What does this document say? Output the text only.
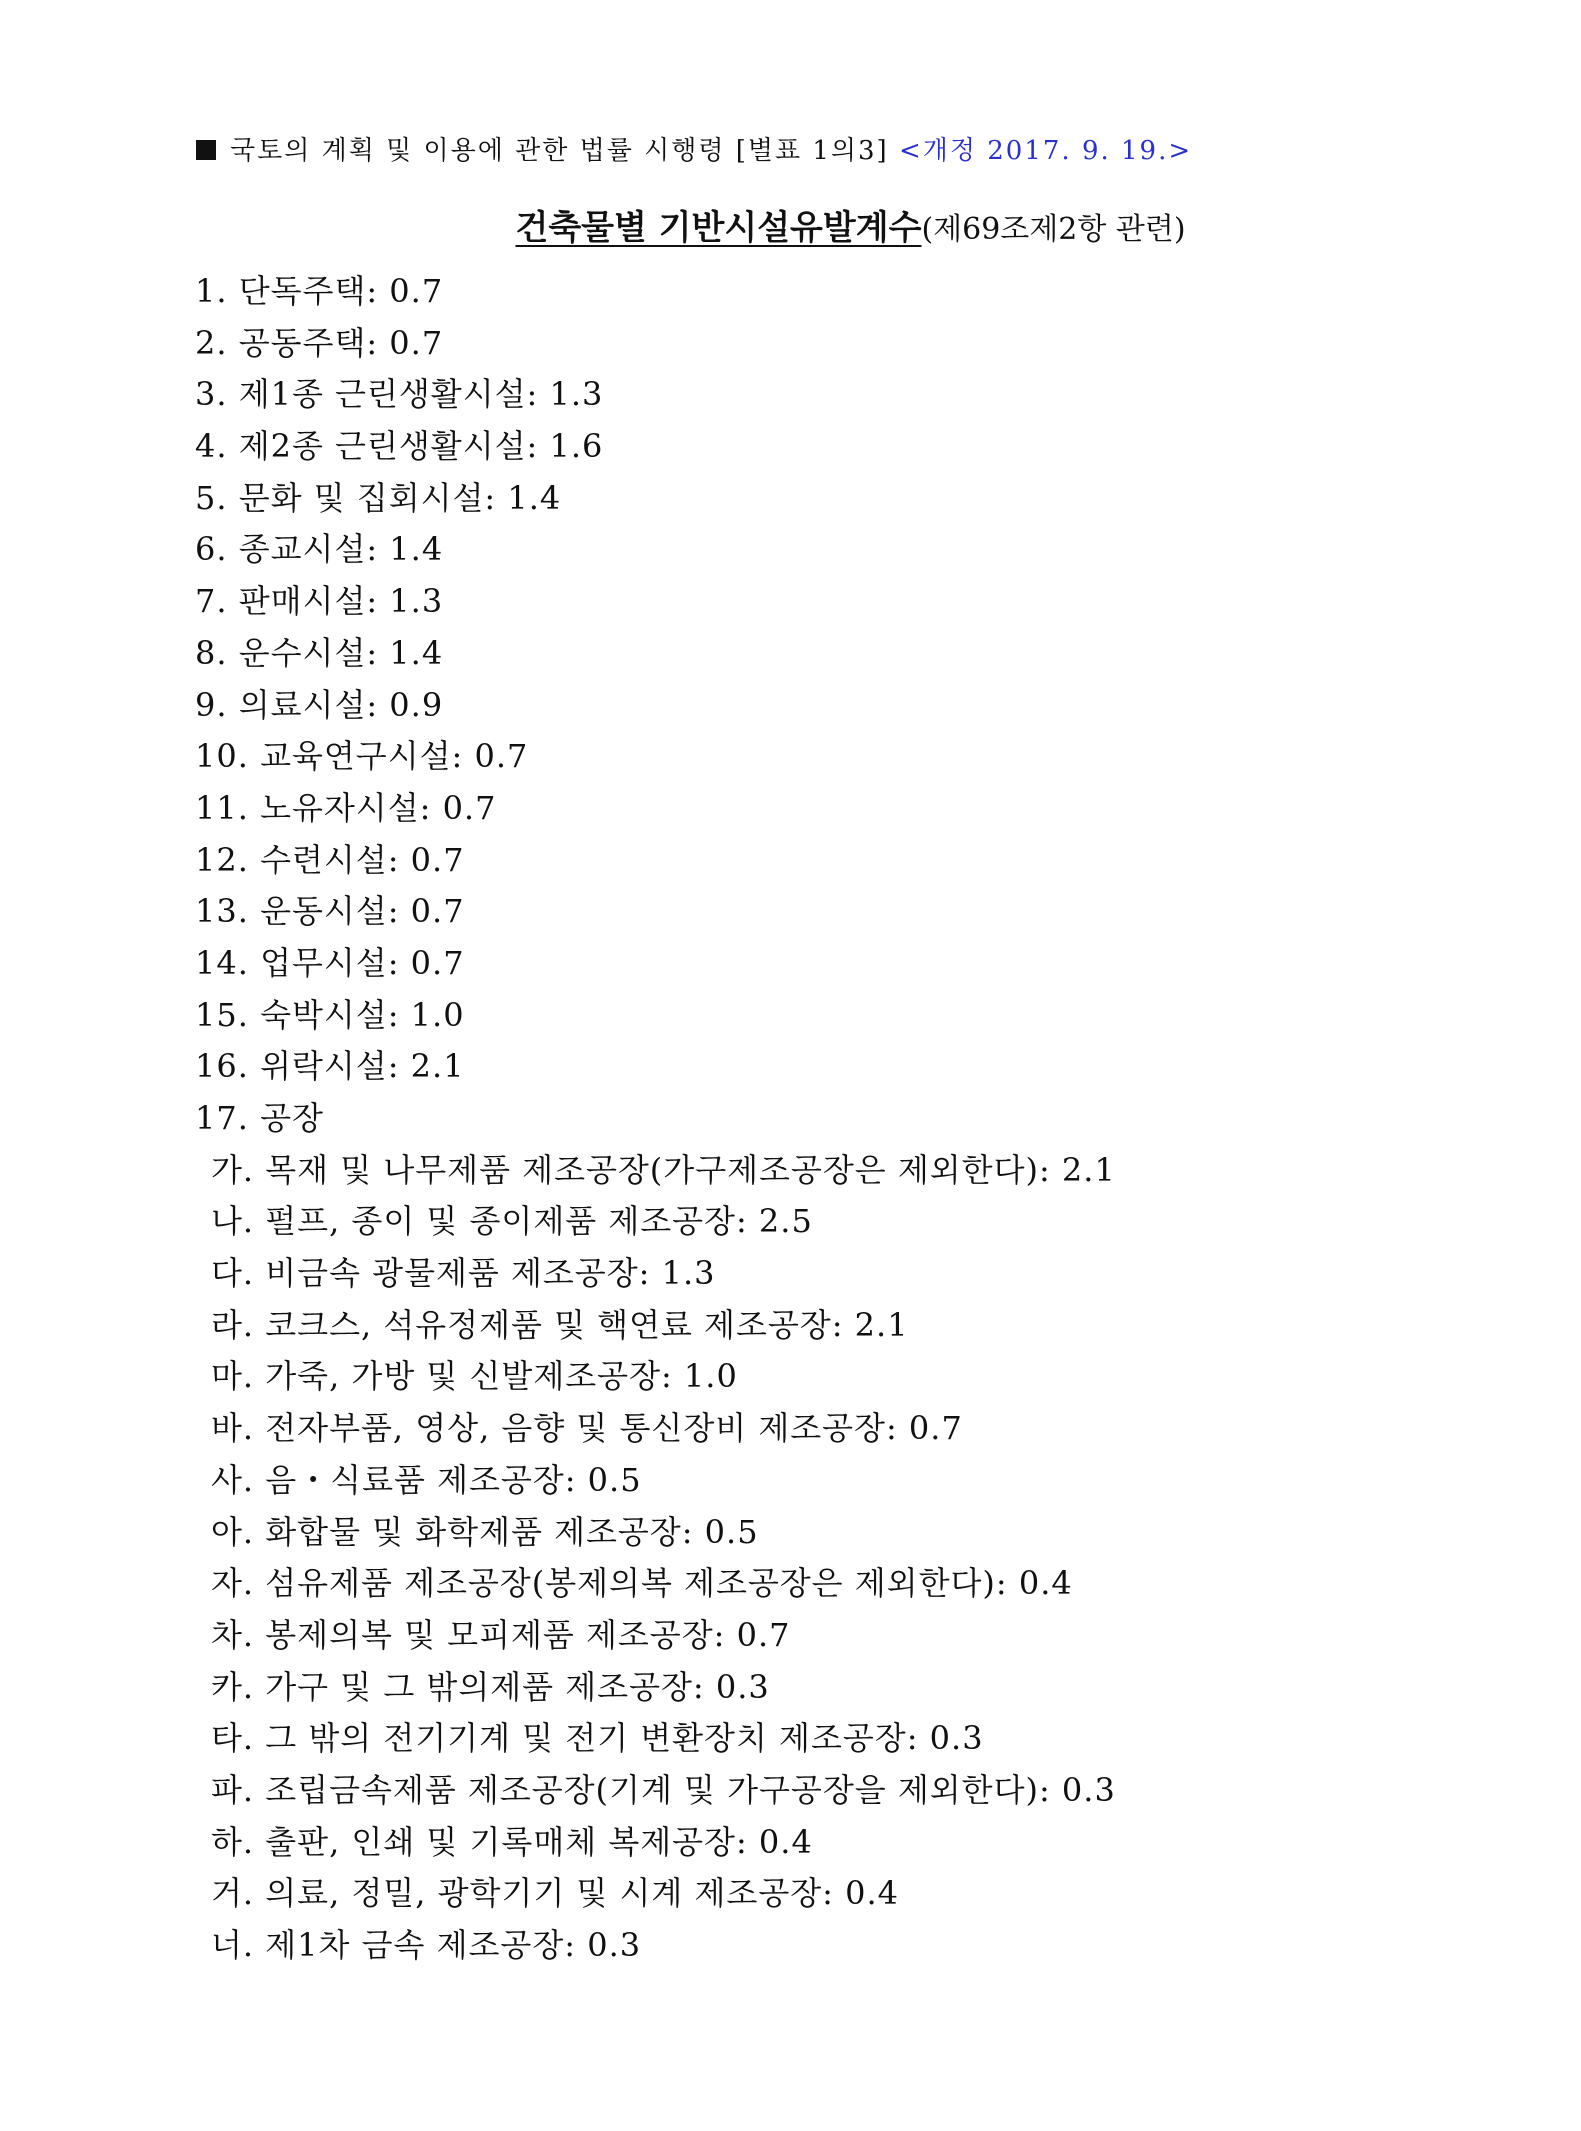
국토의 계획 및 이용에 관한 법률 시행령 [별표 1의3] <개정 2017. 9. 19.>
건축물별 기반시설유발계수(제69조제2항 관련)
1. 단독주택: 0.7
2. 공동주택: 0.7
3. 제1종 근린생활시설: 1.3
4. 제2종 근린생활시설: 1.6
5. 문화 및 집회시설: 1.4
6. 종교시설: 1.4
7. 판매시설: 1.3
8. 운수시설: 1.4
9. 의료시설: 0.9
10. 교육연구시설: 0.7
11. 노유자시설: 0.7
12. 수련시설: 0.7
13. 운동시설: 0.7
14. 업무시설: 0.7
15. 숙박시설: 1.0
16. 위락시설: 2.1
17. 공장
가. 목재 및 나무제품 제조공장(가구제조공장은 제외한다): 2.1
나. 펄프, 종이 및 종이제품 제조공장: 2.5
다. 비금속 광물제품 제조공장: 1.3
라. 코크스, 석유정제품 및 핵연료 제조공장: 2.1
마. 가죽, 가방 및 신발제조공장: 1.0
바. 전자부품, 영상, 음향 및 통신장비 제조공장: 0.7
사. 음・식료품 제조공장: 0.5
아. 화합물 및 화학제품 제조공장: 0.5
자. 섬유제품 제조공장(봉제의복 제조공장은 제외한다): 0.4
차. 봉제의복 및 모피제품 제조공장: 0.7
카. 가구 및 그 밖의제품 제조공장: 0.3
타. 그 밖의 전기기계 및 전기 변환장치 제조공장: 0.3
파. 조립금속제품 제조공장(기계 및 가구공장을 제외한다): 0.3
하. 출판, 인쇄 및 기록매체 복제공장: 0.4
거. 의료, 정밀, 광학기기 및 시계 제조공장: 0.4
너. 제1차 금속 제조공장: 0.3
